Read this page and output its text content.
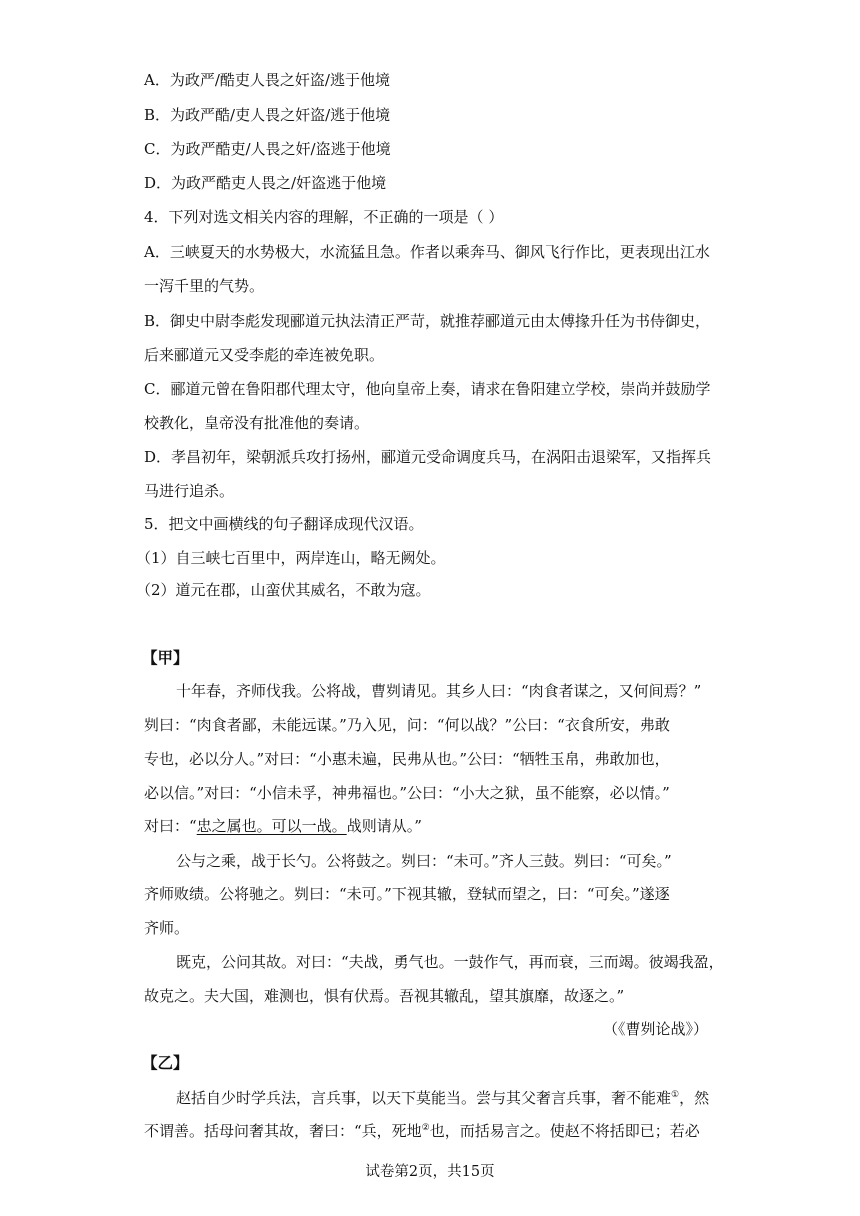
A．为政严/酷吏人畏之奸盗/逃于他境
B．为政严酷/吏人畏之奸盗/逃于他境
C．为政严酷吏/人畏之奸/盗逃于他境
D．为政严酷吏人畏之/奸盗逃于他境
4．下列对选文相关内容的理解，不正确的一项是（ ）
A．三峡夏天的水势极大，水流猛且急。作者以乘奔马、御风飞行作比，更表现出江水
一泻千里的气势。
B．御史中尉李彪发现郦道元执法清正严苛，就推荐郦道元由太傅掾升任为书侍御史，
后来郦道元又受李彪的牵连被免职。
C．郦道元曾在鲁阳郡代理太守，他向皇帝上奏，请求在鲁阳建立学校，崇尚并鼓励学
校教化，皇帝没有批准他的奏请。
D．孝昌初年，梁朝派兵攻打扬州，郦道元受命调度兵马，在涡阳击退梁军，又指挥兵
马进行追杀。
5．把文中画横线的句子翻译成现代汉语。
（1）自三峡七百里中，两岸连山，略无阙处。
（2）道元在郡，山蛮伏其威名，不敢为寇。
【甲】
十年春，齐师伐我。公将战，曹刿请见。其乡人曰：“肉食者谋之，又何间焉？”
刿曰：“肉食者鄙，未能远谋。”乃入见，问：“何以战？”公曰：“衣食所安，弗敢
专也，必以分人。”对曰：“小惠未遍，民弗从也。”公曰：“牺牲玉帛，弗敢加也，
必以信。”对曰：“小信未孚，神弗福也。”公曰：“小大之狱，虽不能察，必以情。”
对曰：“忠之属也。可以一战。战则请从。”
公与之乘，战于长勺。公将鼓之。刿曰：“未可。”齐人三鼓。刿曰：“可矣。”
齐师败绩。公将驰之。刿曰：“未可。”下视其辙，登轼而望之，曰：“可矣。”遂逐
齐师。
既克，公问其故。对曰：“夫战，勇气也。一鼓作气，再而衰，三而竭。彼竭我盈，
故克之。夫大国，难测也，惧有伏焉。吾视其辙乱，望其旗靡，故逐之。”
（《曹刿论战》）
【乙】
赵括自少时学兵法，言兵事，以天下莫能当。尝与其父奢言兵事，奢不能难①，然
不谓善。括母问奢其故，奢曰：“兵，死地②也，而括易言之。使赵不将括即已；若必
试卷第2页，共15页
